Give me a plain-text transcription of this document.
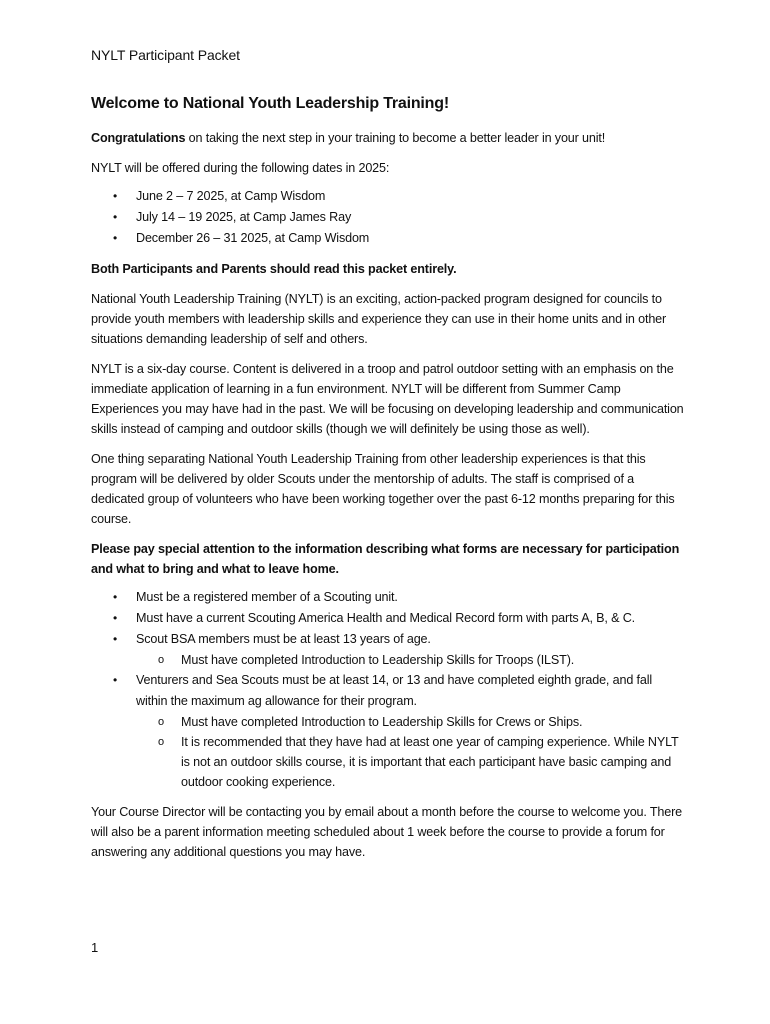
NYLT Participant Packet
Welcome to National Youth Leadership Training!

Congratulations on taking the next step in your training to become a better leader in your unit!

NYLT will be offered during the following dates in 2025:

• June 2 – 7 2025, at Camp Wisdom
• July 14 – 19 2025, at Camp James Ray
• December 26 – 31 2025, at Camp Wisdom

Both Participants and Parents should read this packet entirely.

National Youth Leadership Training (NYLT) is an exciting, action-packed program designed for councils to provide youth members with leadership skills and experience they can use in their home units and in other situations demanding leadership of self and others.

NYLT is a six-day course. Content is delivered in a troop and patrol outdoor setting with an emphasis on the immediate application of learning in a fun environment. NYLT will be different from Summer Camp Experiences you may have had in the past. We will be focusing on developing leadership and communication skills instead of camping and outdoor skills (though we will definitely be using those as well).

One thing separating National Youth Leadership Training from other leadership experiences is that this program will be delivered by older Scouts under the mentorship of adults. The staff is comprised of a dedicated group of volunteers who have been working together over the past 6-12 months preparing for this course.

Please pay special attention to the information describing what forms are necessary for participation and what to bring and what to leave home.

• Must be a registered member of a Scouting unit.
• Must have a current Scouting America Health and Medical Record form with parts A, B, & C.
• Scout BSA members must be at least 13 years of age.
o Must have completed Introduction to Leadership Skills for Troops (ILST).
• Venturers and Sea Scouts must be at least 14, or 13 and have completed eighth grade, and fall within the maximum ag allowance for their program.
o Must have completed Introduction to Leadership Skills for Crews or Ships.
o It is recommended that they have had at least one year of camping experience. While NYLT is not an outdoor skills course, it is important that each participant have basic camping and outdoor cooking experience.

Your Course Director will be contacting you by email about a month before the course to welcome you. There will also be a parent information meeting scheduled about 1 week before the course to provide a forum for answering any additional questions you may have.

1
